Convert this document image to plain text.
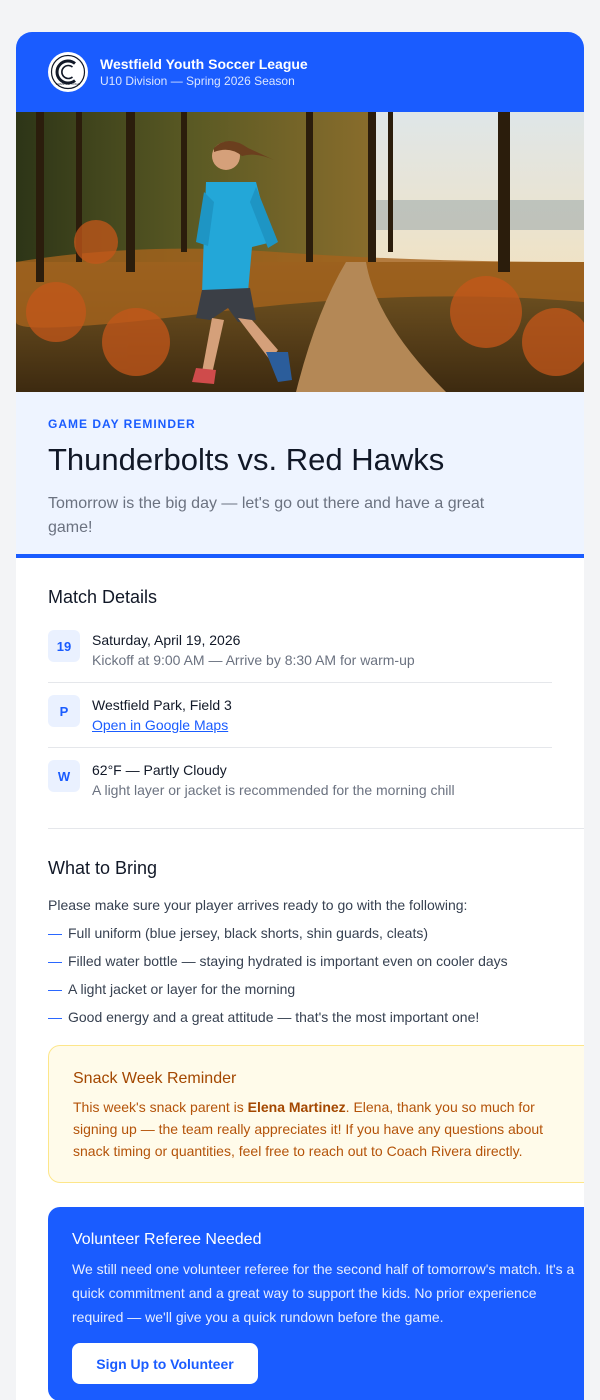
COMPANY LOGO
Westfield Youth Soccer League
U10 Division — Spring 2026 Season
GAME DAY REMINDER
Thunderbolts vs. Red Hawks
Tomorrow is the big day — let's go out there and have a great game!
Match Details
19	Saturday, April 19, 2026
Kickoff at 9:00 AM — Arrive by 8:30 AM for warm-up
P	Westfield Park, Field 3
Open in Google Maps
W	62°F — Partly Cloudy
A light layer or jacket is recommended for the morning chill
What to Bring
Please make sure your player arrives ready to go with the following:
— Full uniform (blue jersey, black shorts, shin guards, cleats)
— Filled water bottle — staying hydrated is important even on cooler days
— A light jacket or layer for the morning
— Good energy and a great attitude — that's the most important one!
Snack Week Reminder
This week's snack parent is Elena Martinez. Elena, thank you so much for signing up — the team really appreciates it! If you have any questions about snack timing or quantities, feel free to reach out to Coach Rivera directly.
Volunteer Referee Needed
We still need one volunteer referee for the second half of tomorrow's match. It's a quick commitment and a great way to support the kids. No prior experience required — we'll give you a quick rundown before the game.
Sign Up to Volunteer
